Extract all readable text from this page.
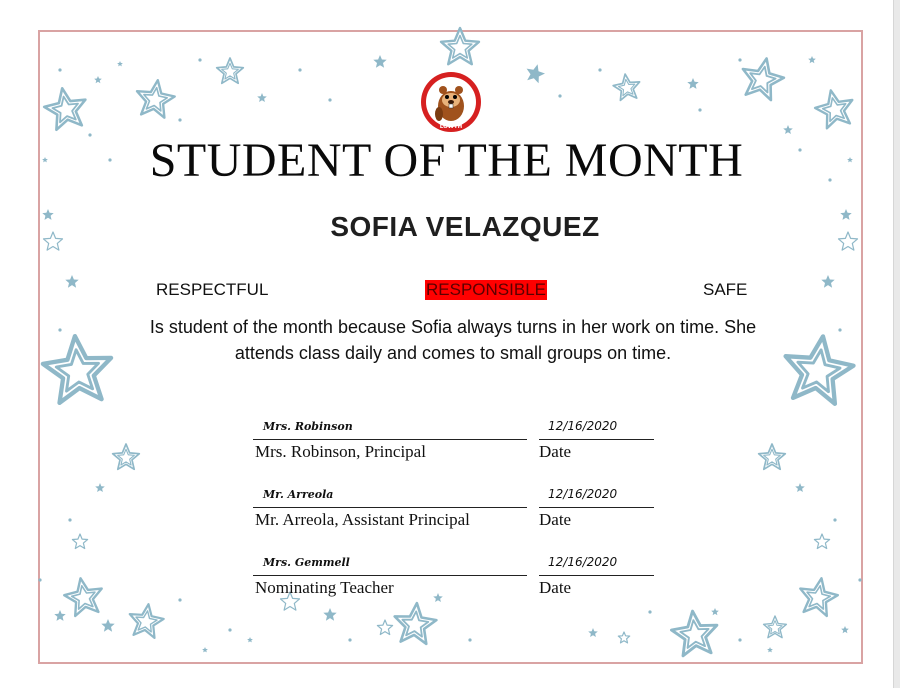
LOWTH
STUDENT OF THE MONTH
SOFIA VELAZQUEZ
RESPECTFUL	RESPONSIBLE	SAFE
Is student of the month because Sofia always turns in her work on time. She attends class daily and comes to small groups on time.
Mrs. Robinson	12/16/2020
Mrs. Robinson, Principal	Date
Mr. Arreola	12/16/2020
Mr. Arreola, Assistant Principal	Date
Mrs. Gemmell	12/16/2020
Nominating Teacher	Date
